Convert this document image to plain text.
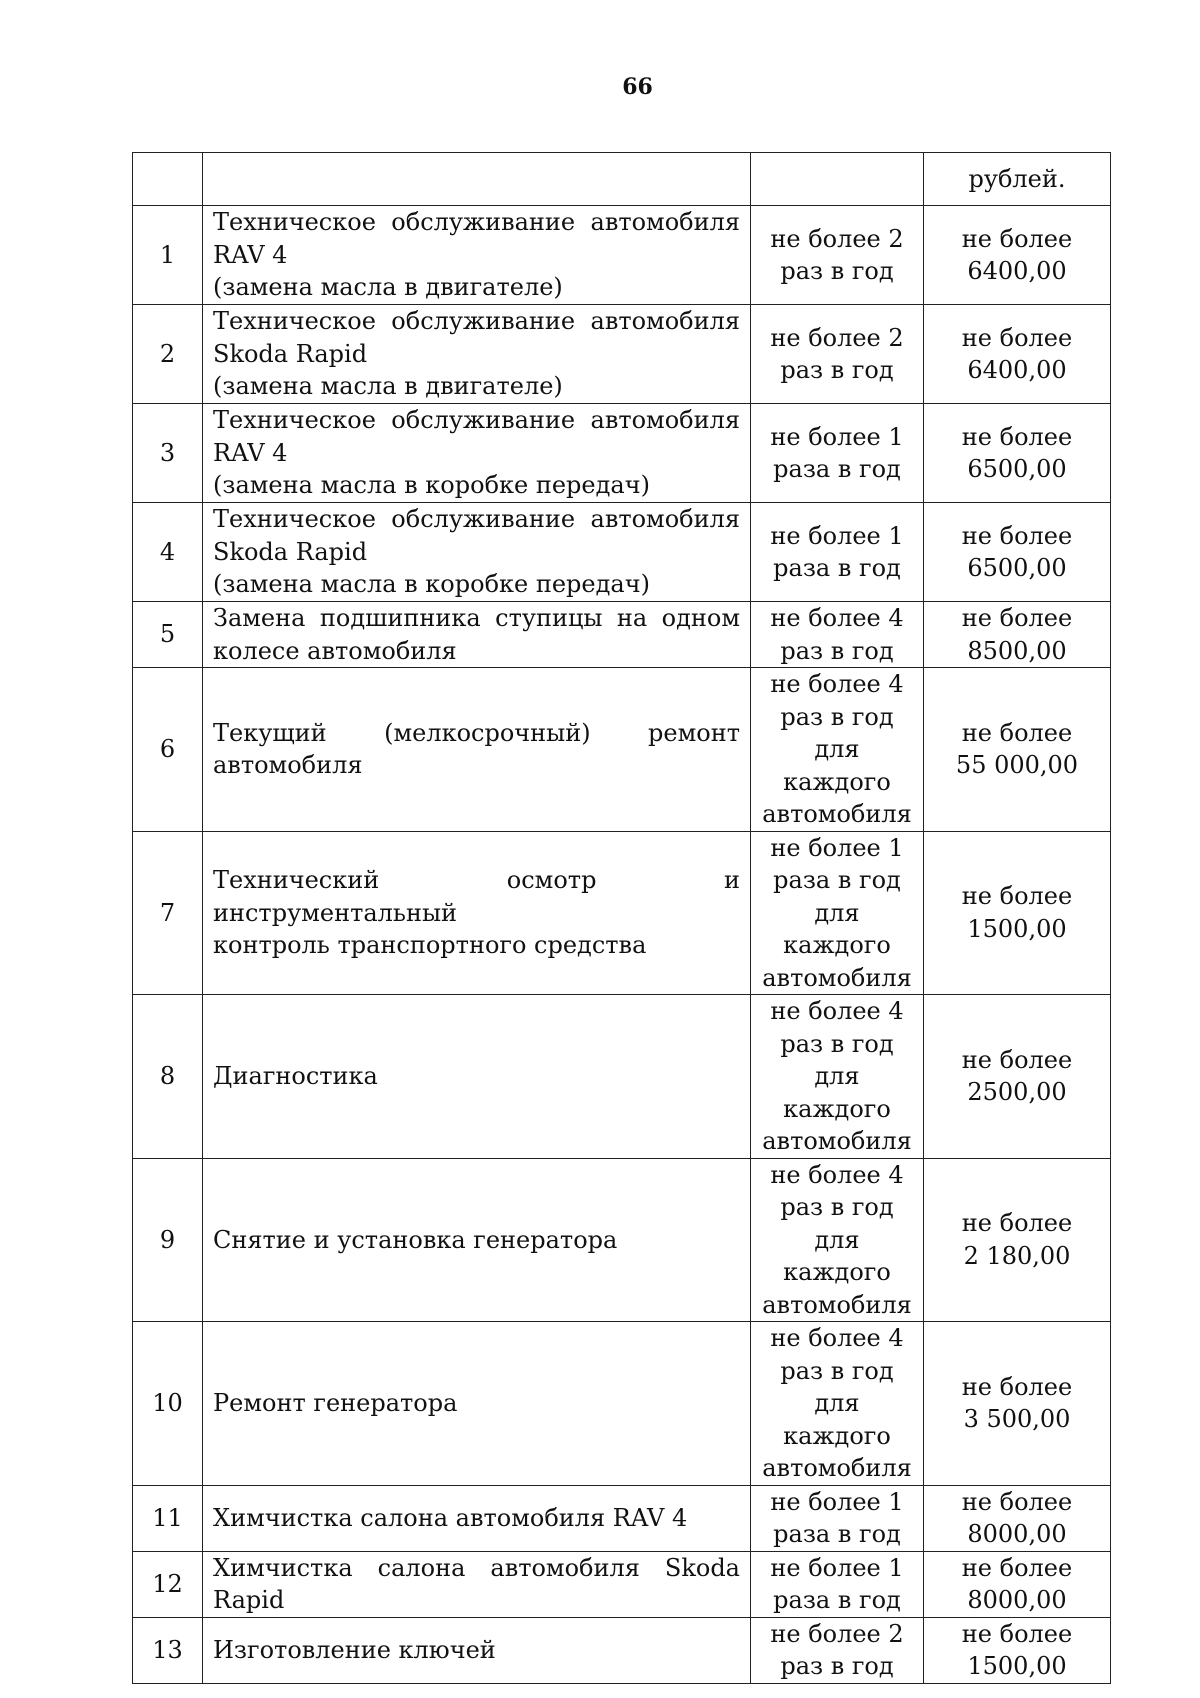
66
			рублей.
1	Техническое обслуживание автомобиля
RAV 4
(замена масла в двигателе)	не более 2
раз в год	не более
6400,00

2	Техническое обслуживание автомобиля
Skoda Rapid
(замена масла в двигателе)	не более 2
раз в год	не более
6400,00

3	Техническое обслуживание автомобиля
RAV 4
(замена масла в коробке передач)	не более 1
раза в год	не более
6500,00

4	Техническое обслуживание автомобиля
Skoda Rapid
(замена масла в коробке передач)	не более 1
раза в год	не более
6500,00

5	Замена подшипника ступицы на одном
колесе автомобиля	не более 4
раз в год	не более
8500,00

6	Текущий (мелкосрочный) ремонт
автомобиля	не более 4
раз в год
для каждого
автомобиля	не более
55 000,00

7	Технический осмотр и инструментальный
контроль транспортного средства	не более 1
раза в год
для каждого
автомобиля	не более
1500,00

8	Диагностика	не более 4
раз в год
для каждого
автомобиля	не более
2500,00

9	Снятие и установка генератора	не более 4
раз в год
для каждого
автомобиля	не более
2 180,00

10	Ремонт генератора	не более 4
раз в год
для каждого
автомобиля	не более
3 500,00

11	Химчистка салона автомобиля RAV 4	не более 1
раза в год	не более
8000,00

12	Химчистка салона автомобиля Skoda
Rapid	не более 1
раза в год	не более
8000,00

13	Изготовление ключей	не более 2
раз в год	не более
1500,00
